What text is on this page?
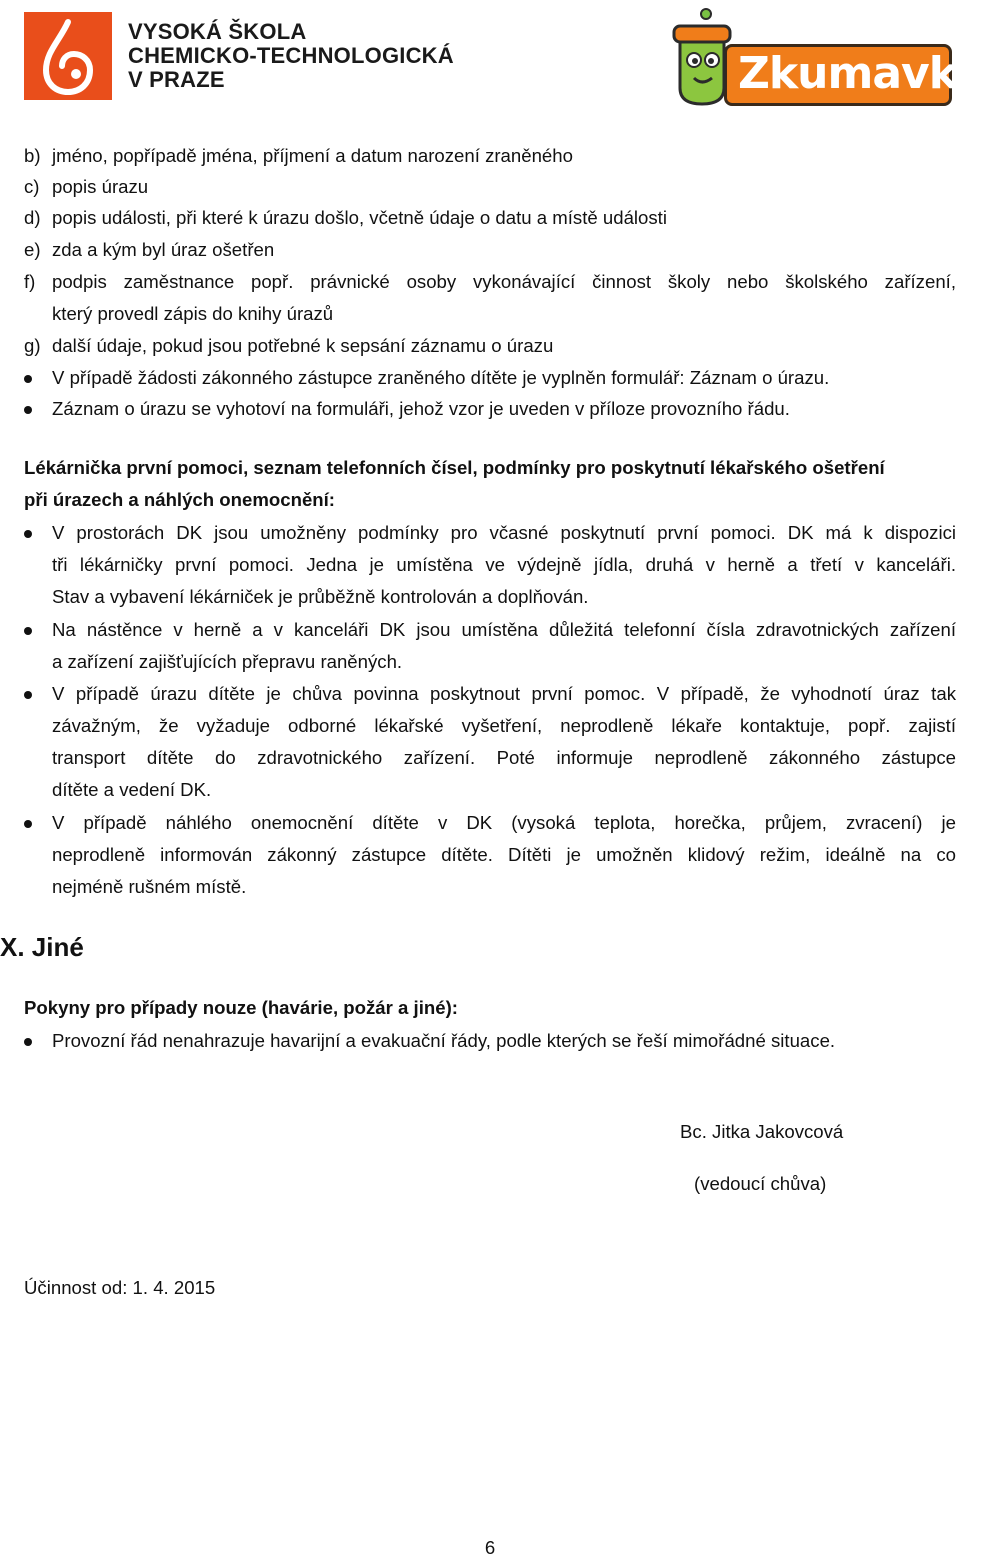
VYSOKÁ ŠKOLA
CHEMICKO-TECHNOLOGICKÁ
V PRAZE	Zkumavka
b) jméno, popřípadě jména, příjmení a datum narození zraněného
c) popis úrazu
d) popis události, při které k úrazu došlo, včetně údaje o datu a místě události
e) zda a kým byl úraz ošetřen
f) podpis zaměstnance popř. právnické osoby vykonávající činnost školy nebo školského zařízení,
který provedl zápis do knihy úrazů
g) další údaje, pokud jsou potřebné k sepsání záznamu o úrazu
V případě žádosti zákonného zástupce zraněného dítěte je vyplněn formulář: Záznam o úrazu.
Záznam o úrazu se vyhotoví na formuláři, jehož vzor je uveden v příloze provozního řádu.
Lékárnička první pomoci, seznam telefonních čísel, podmínky pro poskytnutí lékařského ošetření
při úrazech a náhlých onemocnění:
V prostorách DK jsou umožněny podmínky pro včasné poskytnutí první pomoci. DK má k dispozici
tři lékárničky první pomoci. Jedna je umístěna ve výdejně jídla, druhá v herně a třetí v kanceláři.
Stav a vybavení lékárniček je průběžně kontrolován a doplňován.
Na nástěnce v herně a v kanceláři DK jsou umístěna důležitá telefonní čísla zdravotnických zařízení
a zařízení zajišťujících přepravu raněných.
V případě úrazu dítěte je chůva povinna poskytnout první pomoc. V případě, že vyhodnotí úraz tak
závažným, že vyžaduje odborné lékařské vyšetření, neprodleně lékaře kontaktuje, popř. zajistí
transport dítěte do zdravotnického zařízení. Poté informuje neprodleně zákonného zástupce
dítěte a vedení DK.
V případě náhlého onemocnění dítěte v DK (vysoká teplota, horečka, průjem, zvracení) je
neprodleně informován zákonný zástupce dítěte. Dítěti je umožněn klidový režim, ideálně na co
nejméně rušném místě.
X. Jiné
Pokyny pro případy nouze (havárie, požár a jiné):
Provozní řád nenahrazuje havarijní a evakuační řády, podle kterých se řeší mimořádné situace.
Bc. Jitka Jakovcová
(vedoucí chůva)
Účinnost od: 1. 4. 2015
6
